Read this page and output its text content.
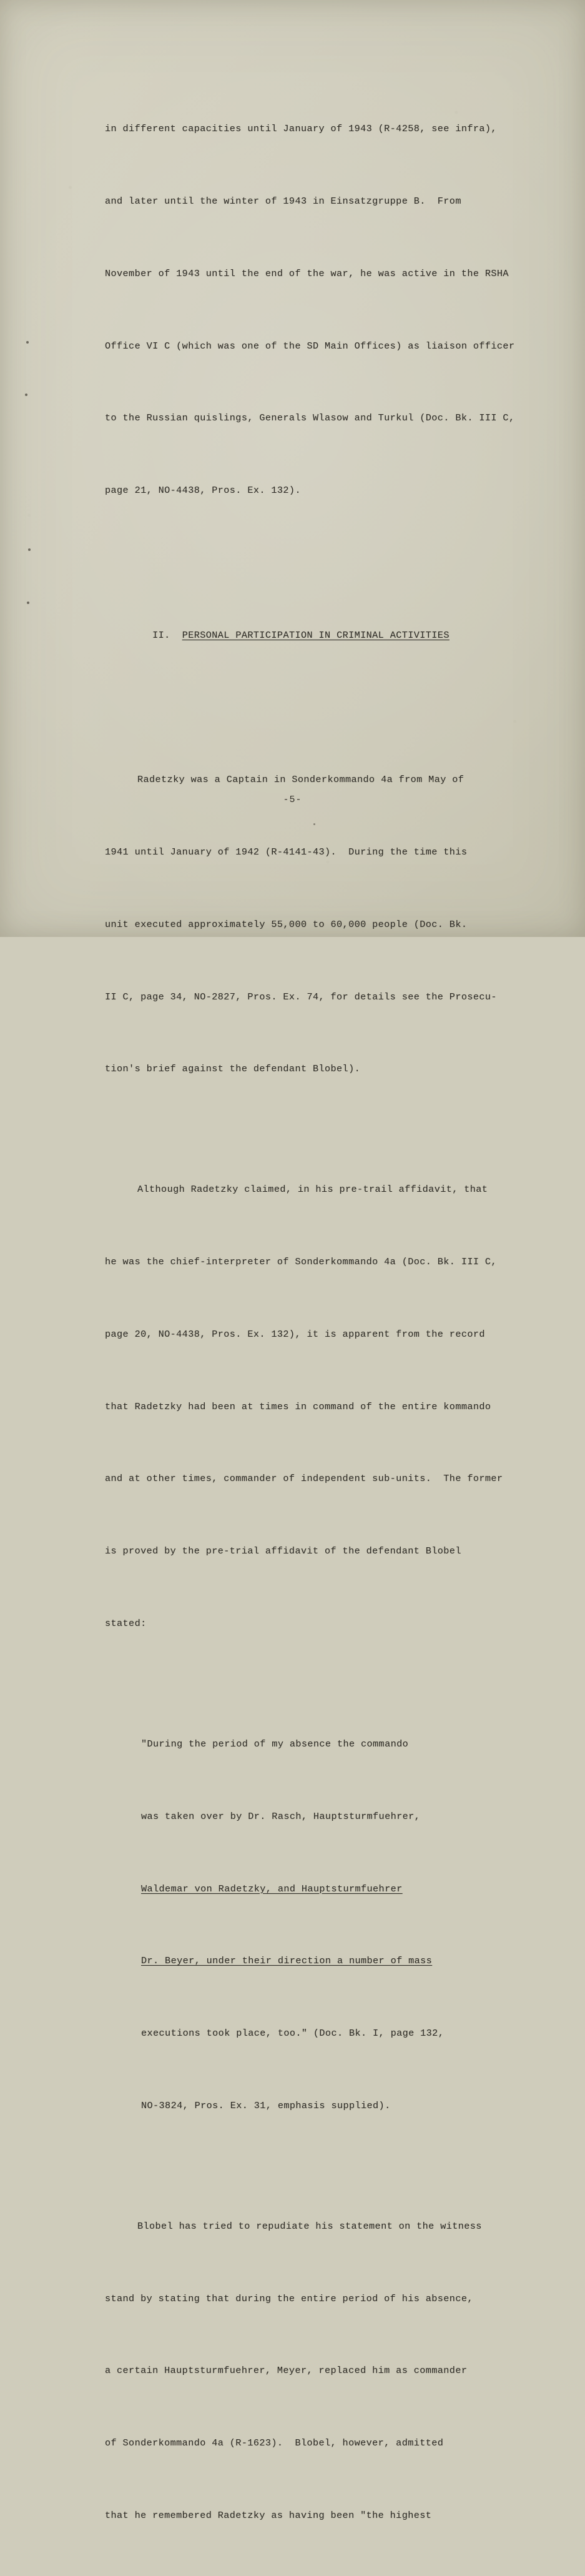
in different capacities until January of 1943 (R-4258, see infra),

and later until the winter of 1943 in Einsatzgruppe B.  From

November of 1943 until the end of the war, he was active in the RSHA

Office VI C (which was one of the SD Main Offices) as liaison officer

to the Russian quislings, Generals Wlasow and Turkul (Doc. Bk. III C,

page 21, NO-4438, Pros. Ex. 132).

II. PERSONAL PARTICIPATION IN CRIMINAL ACTIVITIES

Radetzky was a Captain in Sonderkommando 4a from May of

1941 until January of 1942 (R-4141-43).  During the time this

unit executed approximately 55,000 to 60,000 people (Doc. Bk.

II C, page 34, NO-2827, Pros. Ex. 74, for details see the Prosecu-

tion's brief against the defendant Blobel).

Although Radetzky claimed, in his pre-trail affidavit, that

he was the chief-interpreter of Sonderkommando 4a (Doc. Bk. III C,

page 20, NO-4438, Pros. Ex. 132), it is apparent from the record

that Radetzky had been at times in command of the entire kommando

and at other times, commander of independent sub-units.  The former

is proved by the pre-trial affidavit of the defendant Blobel

stated:

"During the period of my absence the commando

was taken over by Dr. Rasch, Hauptsturmfuehrer,

Waldemar von Radetzky, and Hauptsturmfuehrer

Dr. Beyer, under their direction a number of mass

executions took place, too." (Doc. Bk. I, page 132,

NO-3824, Pros. Ex. 31, emphasis supplied).

Blobel has tried to repudiate his statement on the witness

stand by stating that during the entire period of his absence,

a certain Hauptsturmfuehrer, Meyer, replaced him as commander

of Sonderkommando 4a (R-1623).  Blobel, however, admitted

that he remembered Radetzky as having been "the highest

-5-
